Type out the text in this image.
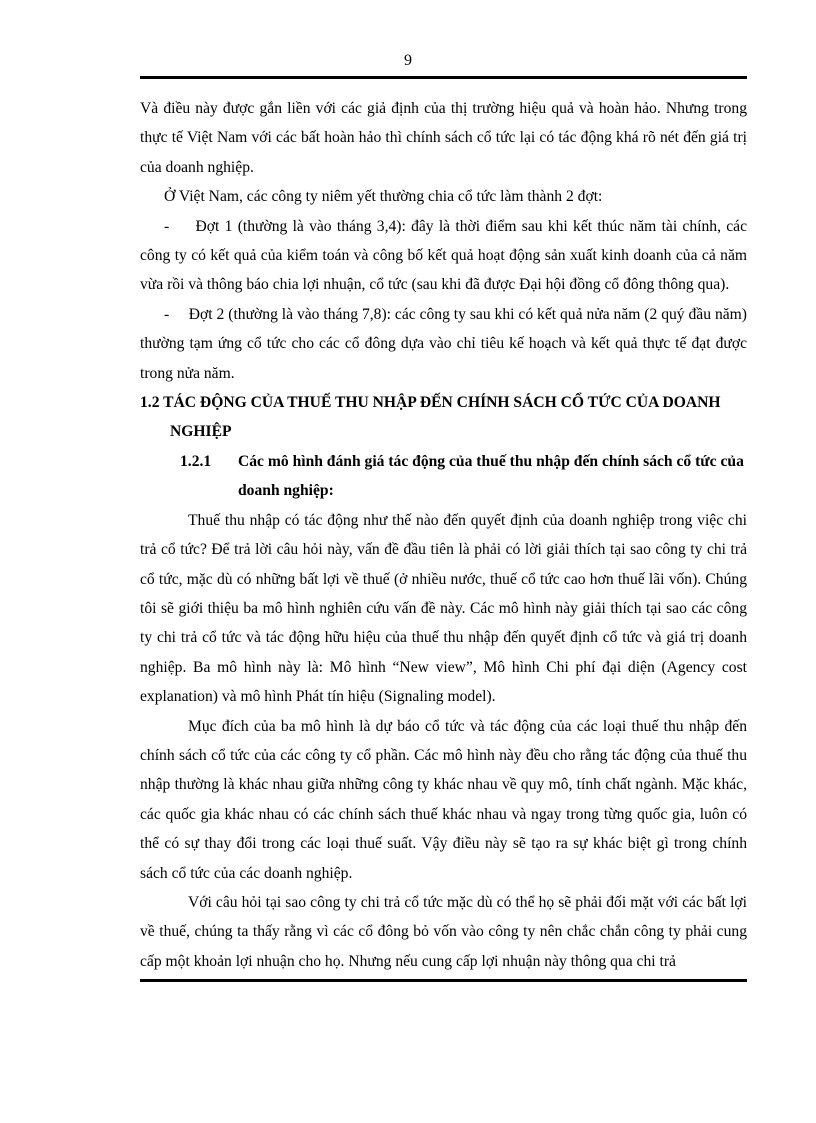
9

Và điều này được gắn liền với các giả định của thị trường hiệu quả và hoàn hảo. Nhưng trong thực tế Việt Nam với các bất hoàn hảo thì chính sách cổ tức lại có tác động khá rõ nét đến giá trị của doanh nghiệp.

Ở Việt Nam, các công ty niêm yết thường chia cổ tức làm thành 2 đợt:

-     Đợt 1 (thường là vào tháng 3,4): đây là thời điểm sau khi kết thúc năm tài chính, các công ty có kết quả của kiểm toán và công bố kết quả hoạt động sản xuất kinh doanh của cả năm vừa rồi và thông báo chia lợi nhuận, cổ tức (sau khi đã được Đại hội đồng cổ đông thông qua).

-     Đợt 2 (thường là vào tháng 7,8): các công ty sau khi có kết quả nửa năm (2 quý đầu năm) thường tạm ứng cổ tức cho các cổ đông dựa vào chỉ tiêu kế hoạch và kết quả thực tế đạt được trong nửa năm.

1.2 TÁC ĐỘNG CỦA THUẾ THU NHẬP ĐẾN CHÍNH SÁCH CỔ TỨC CỦA DOANH NGHIỆP

1.2.1 Các mô hình đánh giá tác động của thuế thu nhập đến chính sách cổ tức của doanh nghiệp:

Thuế thu nhập có tác động như thế nào đến quyết định của doanh nghiệp trong việc chi trả cổ tức? Để trả lời câu hỏi này, vấn đề đầu tiên là phải có lời giải thích tại sao công ty chi trả cổ tức, mặc dù có những bất lợi về thuế (ở nhiều nước, thuế cổ tức cao hơn thuế lãi vốn). Chúng tôi sẽ giới thiệu ba mô hình nghiên cứu vấn đề này. Các mô hình này giải thích tại sao các công ty chi trả cổ tức và tác động hữu hiệu của thuế thu nhập đến quyết định cổ tức và giá trị doanh nghiệp. Ba mô hình này là: Mô hình “New view”, Mô hình Chi phí đại diện (Agency cost explanation) và mô hình Phát tín hiệu (Signaling model).

Mục đích của ba mô hình là dự báo cổ tức và tác động của các loại thuế thu nhập đến chính sách cổ tức của các công ty cổ phần. Các mô hình này đều cho rằng tác động của thuế thu nhập thường là khác nhau giữa những công ty khác nhau về quy mô, tính chất ngành. Mặc khác, các quốc gia khác nhau có các chính sách thuế khác nhau và ngay trong từng quốc gia, luôn có thể có sự thay đổi trong các loại thuế suất. Vậy điều này sẽ tạo ra sự khác biệt gì trong chính sách cổ tức của các doanh nghiệp.

Với câu hỏi tại sao công ty chi trả cổ tức mặc dù có thể họ sẽ phải đối mặt với các bất lợi về thuế, chúng ta thấy rằng vì các cổ đông bỏ vốn vào công ty nên chắc chắn công ty phải cung cấp một khoản lợi nhuận cho họ. Nhưng nếu cung cấp lợi nhuận này thông qua chi trả
